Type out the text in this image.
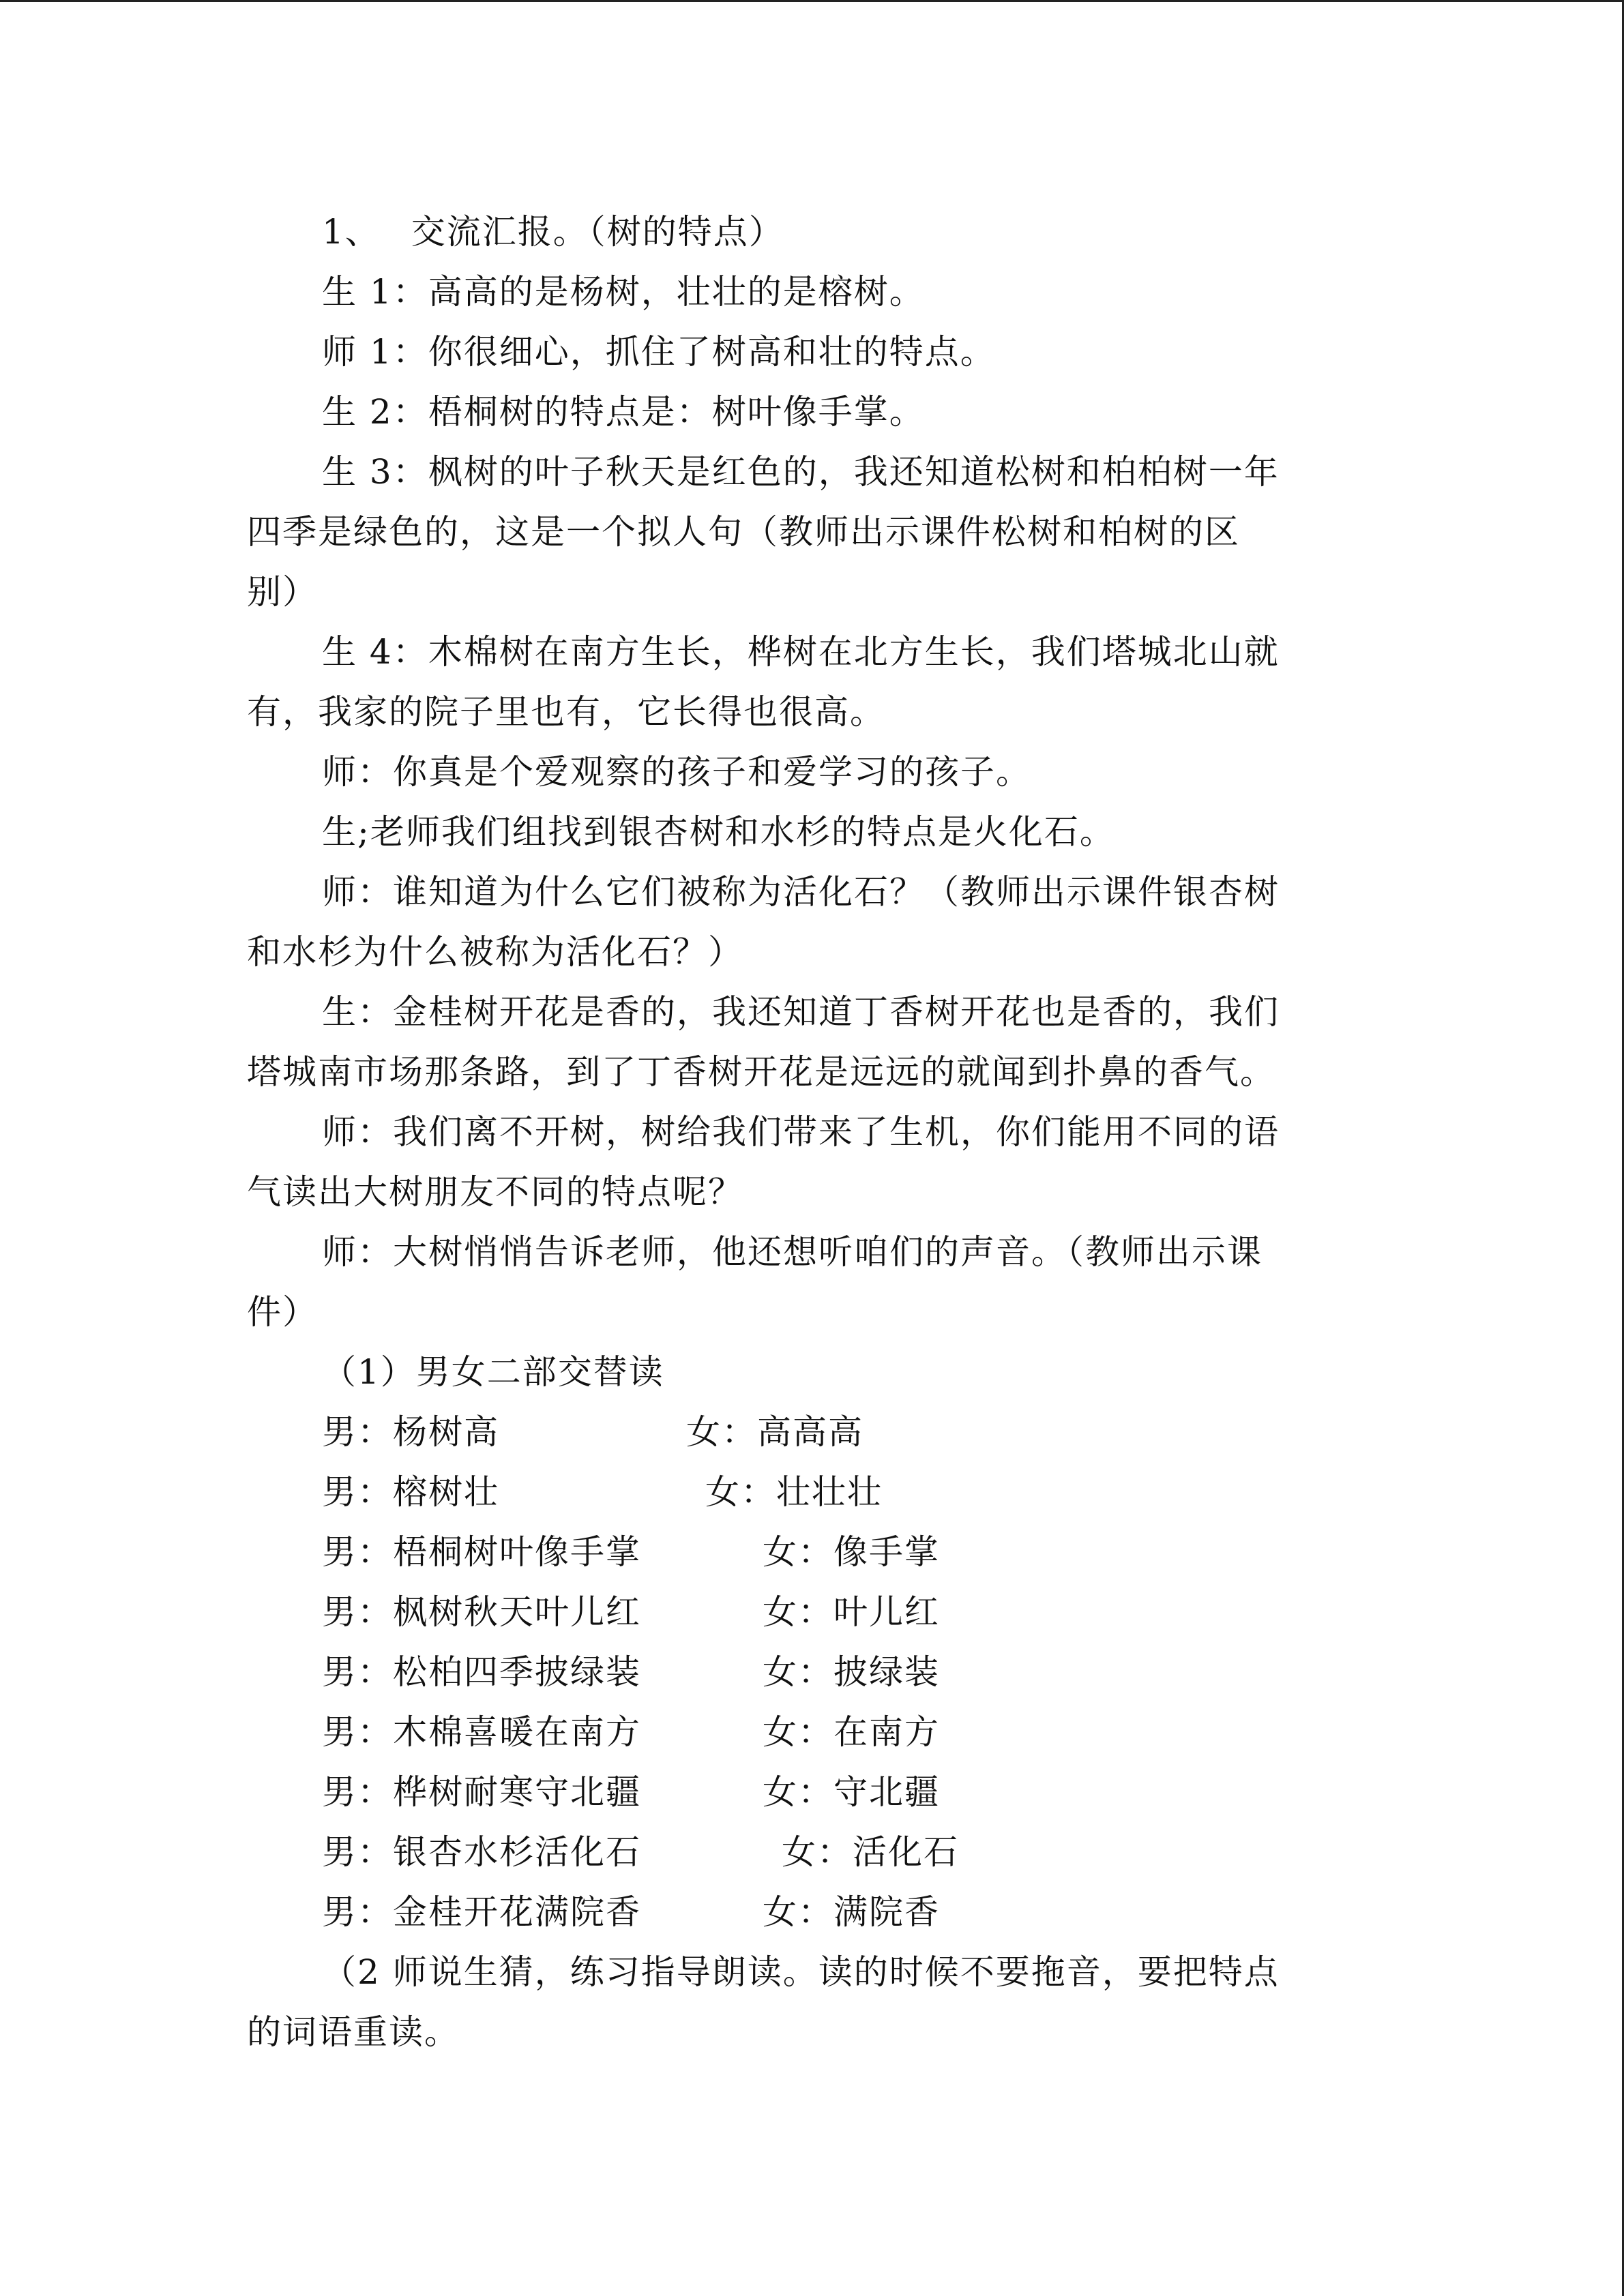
1、　 交流汇报。（树的特点）
生 1：高高的是杨树，壮壮的是榕树。
师 1：你很细心，抓住了树高和壮的特点。
生 2：梧桐树的特点是：树叶像手掌。
生 3：枫树的叶子秋天是红色的，我还知道松树和柏柏树一年
四季是绿色的，这是一个拟人句（教师出示课件松树和柏树的区
别）
生 4：木棉树在南方生长，桦树在北方生长，我们塔城北山就
有，我家的院子里也有，它长得也很高。
师：你真是个爱观察的孩子和爱学习的孩子。
生;老师我们组找到银杏树和水杉的特点是火化石。
师：谁知道为什么它们被称为活化石？（教师出示课件银杏树
和水杉为什么被称为活化石？）
生：金桂树开花是香的，我还知道丁香树开花也是香的，我们
塔城南市场那条路，到了丁香树开花是远远的就闻到扑鼻的香气。
师：我们离不开树，树给我们带来了生机，你们能用不同的语
气读出大树朋友不同的特点呢？
师：大树悄悄告诉老师，他还想听咱们的声音。（教师出示课
件）
（1）男女二部交替读
男：杨树高	女：高高高
男：榕树壮	女：壮壮壮
男：梧桐树叶像手掌	女：像手掌
男：枫树秋天叶儿红	女：叶儿红
男：松柏四季披绿装	女：披绿装
男：木棉喜暖在南方	女：在南方
男：桦树耐寒守北疆	女：守北疆
男：银杏水杉活化石	女：活化石
男：金桂开花满院香	女：满院香
（2 师说生猜，练习指导朗读。读的时候不要拖音，要把特点
的词语重读。
